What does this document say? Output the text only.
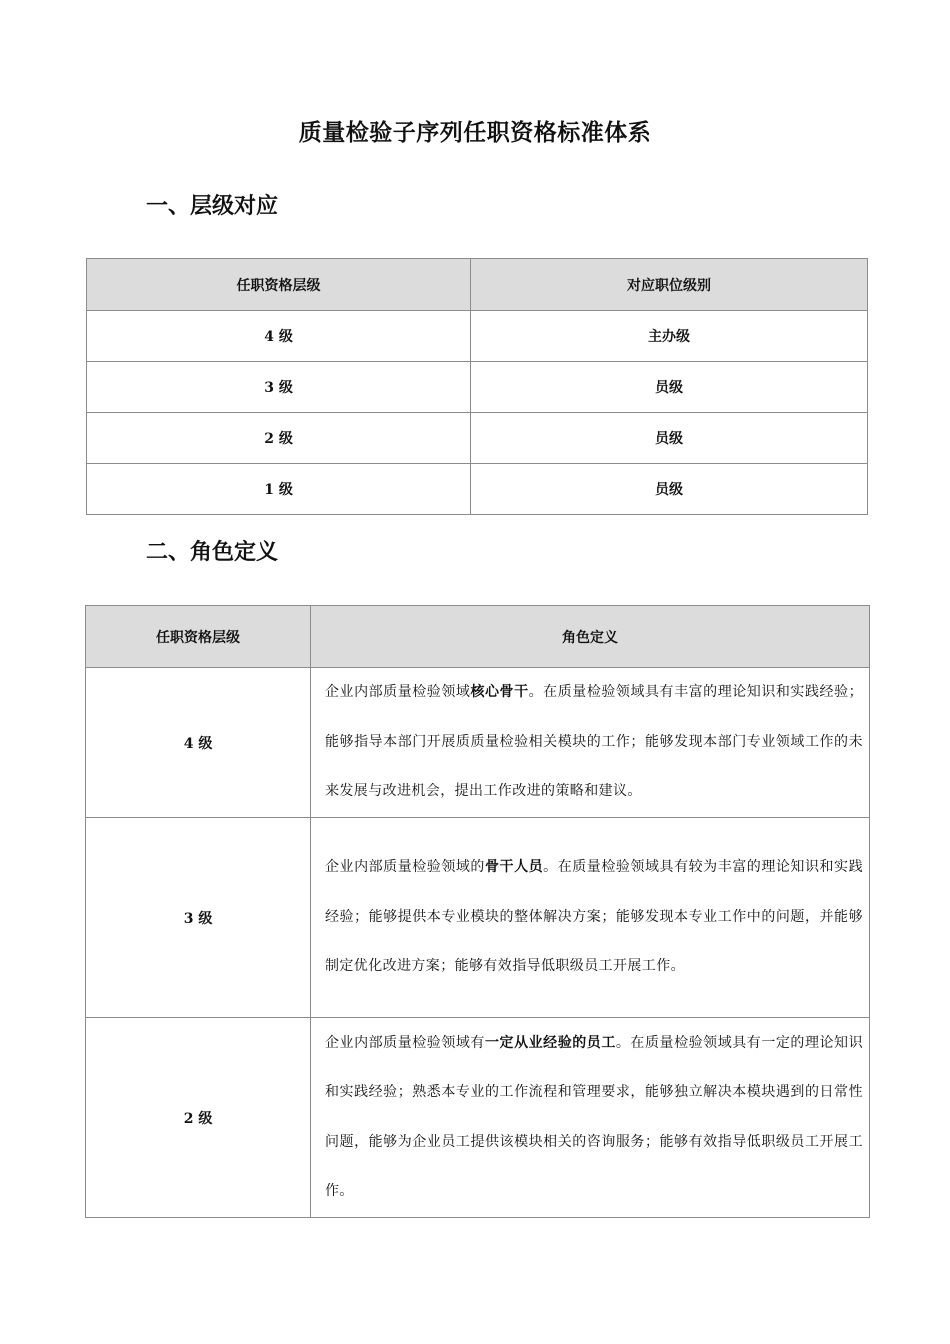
质量检验子序列任职资格标准体系
一、层级对应
任职资格层级	对应职位级别
4 级	主办级
3 级	员级
2 级	员级
1 级	员级
二、角色定义
任职资格层级	角色定义
4 级	企业内部质量检验领域核心骨干。在质量检验领域具有丰富的理论知识和实践经验；能够指导本部门开展质质量检验相关模块的工作；能够发现本部门专业领域工作的未来发展与改进机会，提出工作改进的策略和建议。
3 级	企业内部质量检验领域的骨干人员。在质量检验领域具有较为丰富的理论知识和实践经验；能够提供本专业模块的整体解决方案；能够发现本专业工作中的问题，并能够制定优化改进方案；能够有效指导低职级员工开展工作。
2 级	企业内部质量检验领域有一定从业经验的员工。在质量检验领域具有一定的理论知识和实践经验；熟悉本专业的工作流程和管理要求，能够独立解决本模块遇到的日常性问题，能够为企业员工提供该模块相关的咨询服务；能够有效指导低职级员工开展工作。
